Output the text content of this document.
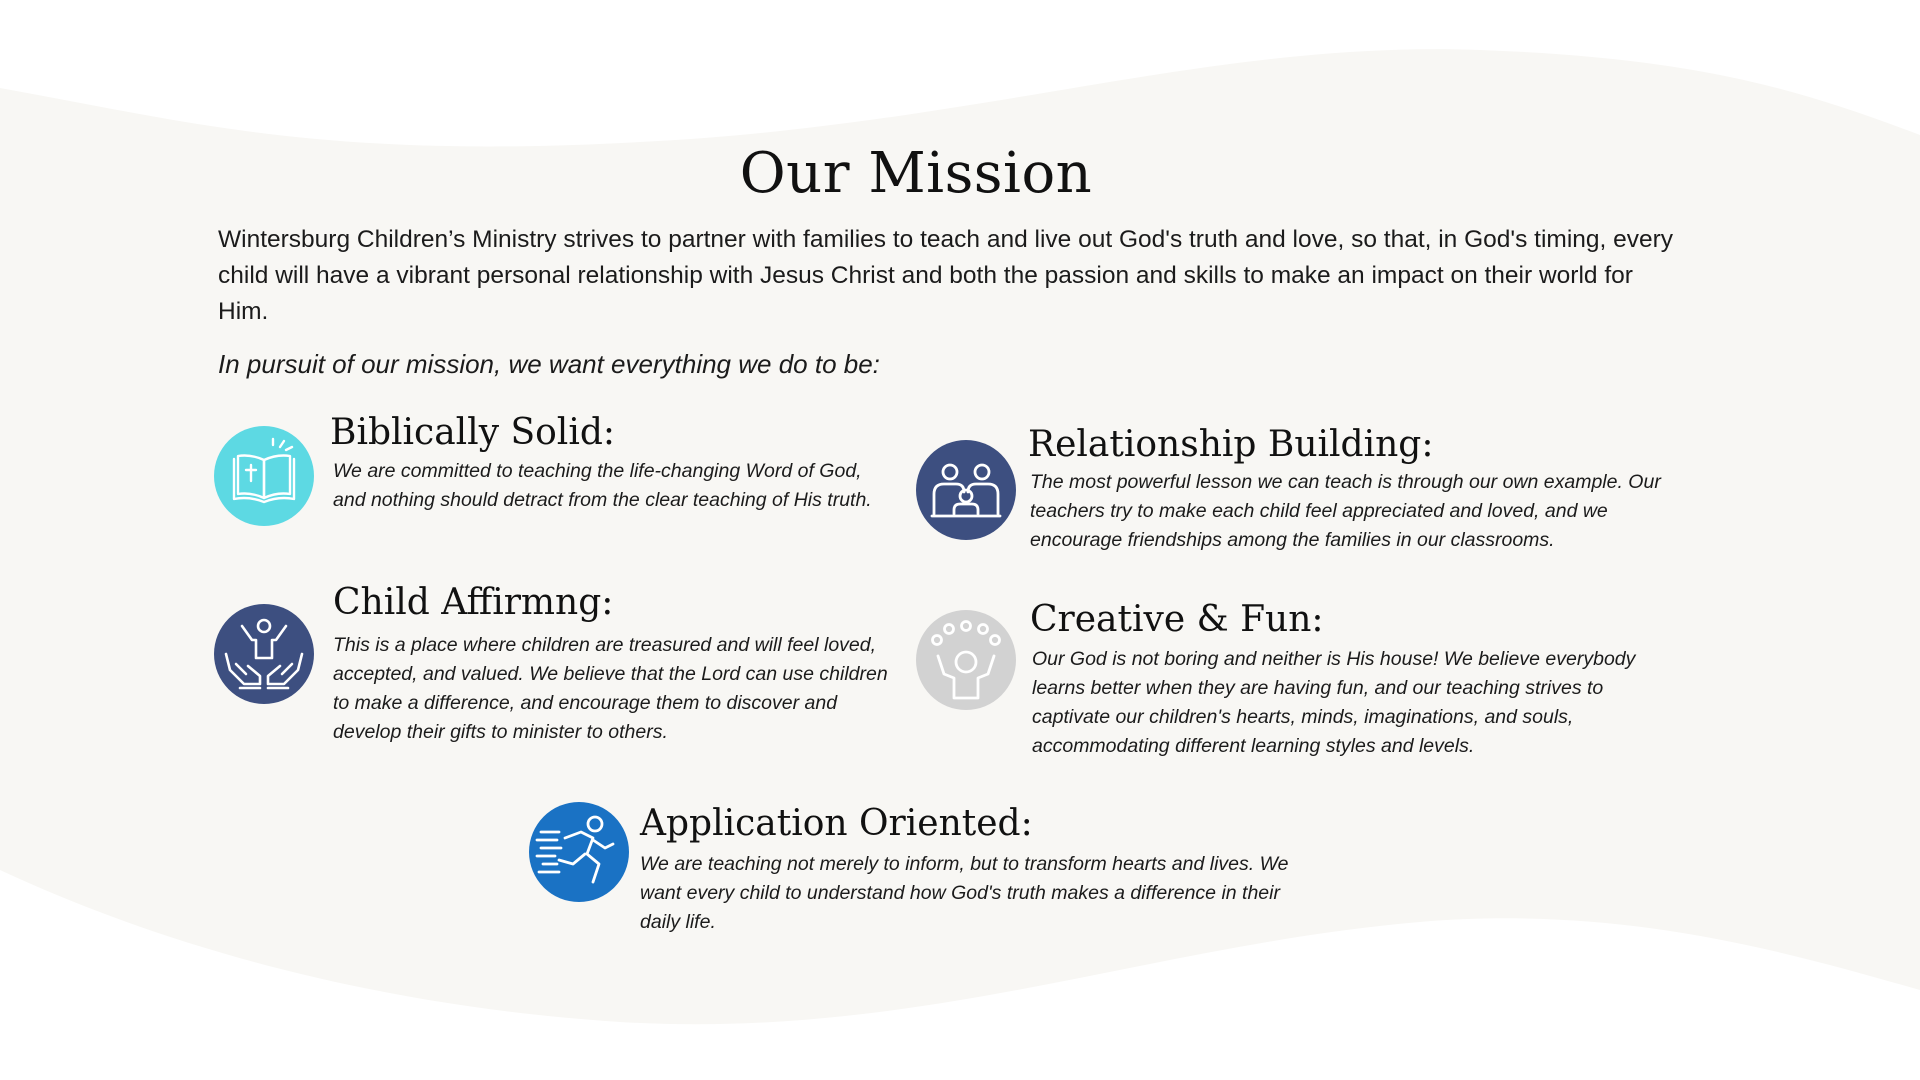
Our Mission
Wintersburg Children’s Ministry strives to partner with families to teach and live out God's truth and love, so that, in God's timing, every child will have a vibrant personal relationship with Jesus Christ and both the passion and skills to make an impact on their world for Him.
In pursuit of our mission, we want everything we do to be:
Biblically Solid:
We are committed to teaching the life-changing Word of God, and nothing should detract from the clear teaching of His truth.
Relationship Building:
The most powerful lesson we can teach is through our own example. Our teachers try to make each child feel appreciated and loved, and we encourage friendships among the families in our classrooms.
Child Affirmng:
This is a place where children are treasured and will feel loved, accepted, and valued. We believe that the Lord can use children to make a difference, and encourage them to discover and develop their gifts to minister to others.
Creative & Fun:
Our God is not boring and neither is His house! We believe everybody learns better when they are having fun, and our teaching strives to captivate our children's hearts, minds, imaginations, and souls, accommodating different learning styles and levels.
Application Oriented:
We are teaching not merely to inform, but to transform hearts and lives. We want every child to understand how God's truth makes a difference in their daily life.
